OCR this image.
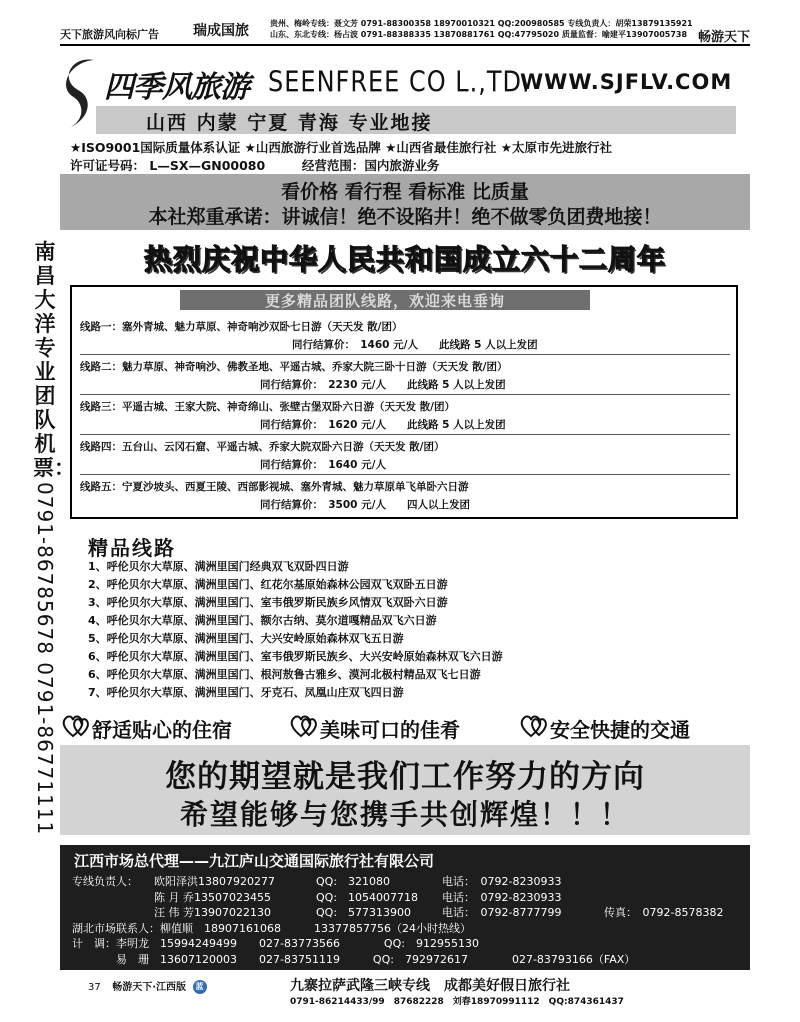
天下旅游风向标广告 瑞成国旅	贵州、梅岭专线：聂文芳 0791-88300358 18970010321 QQ:200980585 专线负责人：胡荣13879135921
山东、东北专线：杨占波 0791-88388335 13870881761 QQ:47795020 质量监督：喻建平13907005738 畅游天下
南昌大洋专业团队机票：
0791-86785678 0791-86771111
四季风旅游 SEENFREE CO L.,TD.
WWW.SJFLV.COM
山西 内蒙 宁夏 青海 专业地接
★ISO9001国际质量体系认证 ★山西旅游行业首选品牌 ★山西省最佳旅行社 ★太原市先进旅行社
许可证号码： L—SX—GN00080	经营范围：国内旅游业务
看价格 看行程 看标准 比质量
本社郑重承诺：讲诚信！绝不设陷井！绝不做零负团费地接！
热烈庆祝中华人民共和国成立六十二周年
更多精品团队线路，欢迎来电垂询
线路一：塞外青城、魅力草原、神奇响沙双卧七日游（天天发 散/团）
同行结算价：　1460 元/人　　此线路 5 人以上发团
线路二：魅力草原、神奇响沙、佛教圣地、平遥古城、乔家大院三卧十日游（天天发 散/团）
同行结算价：　2230 元/人　　此线路 5 人以上发团
线路三：平遥古城、王家大院、神奇绵山、张壁古堡双卧六日游（天天发 散/团）
同行结算价：　1620 元/人　　此线路 5 人以上发团
线路四：五台山、云冈石窟、平遥古城、乔家大院双卧六日游（天天发 散/团）
同行结算价：　1640 元/人
线路五：宁夏沙坡头、西夏王陵、西部影视城、塞外青城、魅力草原单飞单卧六日游
同行结算价：　3500 元/人　　四人以上发团
精品线路
1、呼伦贝尔大草原、满洲里国门经典双飞双卧四日游
2、呼伦贝尔大草原、满洲里国门、红花尔基原始森林公园双飞双卧五日游
3、呼伦贝尔大草原、满洲里国门、室韦俄罗斯民族乡风情双飞双卧六日游
4、呼伦贝尔大草原、满洲里国门、额尔古纳、莫尔道嘎精品双飞六日游
5、呼伦贝尔大草原、满洲里国门、大兴安岭原始森林双飞五日游
6、呼伦贝尔大草原、满洲里国门、室韦俄罗斯民族乡、大兴安岭原始森林双飞六日游
6、呼伦贝尔大草原、满洲里国门、根河敖鲁古雅乡、漠河北极村精品双飞七日游
7、呼伦贝尔大草原、满洲里国门、牙克石、凤凰山庄双飞四日游
舒适贴心的住宿	美味可口的佳肴	安全快捷的交通
您的期望就是我们工作努力的方向
希望能够与您携手共创辉煌！！！
江西市场总代理——九江庐山交通国际旅行社有限公司
专线负责人： 欧阳泽洪13807920277	QQ:　321080	电话：　0792-8230933
陈 月 乔13507023455	QQ:　1054007718 电话：　0792-8230933
汪 伟 芳13907022130	QQ:　577313900	电话：　0792-8777799	传真：　0792-8578382
湖北市场联系人：柳值顺　18907161068　　　13377857756（24小时热线）
计　调：李明龙　15994249499　　027-83773566　　　　QQ:　912955130
易　珊　13607120003　　027-83751119　　　QQ:　792972617　　　　027-83793166（FAX）
37 畅游天下·江西版 蓝	九寨拉萨武隆三峡专线　成都美好假日旅行社
0791-86214433/99　87682228　刘春18970991112　QQ:874361437
